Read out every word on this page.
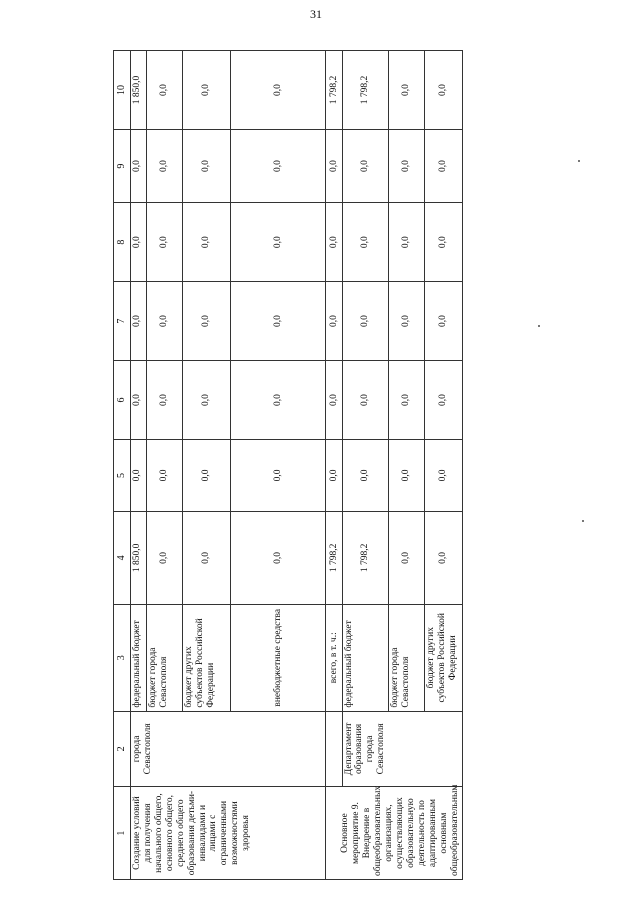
31
1	2	3	4	5	6	7	8	9	10
Создание условий для получения начального общего, основного общего, среднего общего образования детьми-инвалидами и лицами с ограниченными возможностями здоровья	города Севастополя	федеральный бюджет	1 850,0	0,0	0,0	0,0	0,0	0,0	1 850,0
		бюджет города Севастополя	0,0	0,0	0,0	0,0	0,0	0,0	0,0
		бюджет других субъектов Российской Федерации	0,0	0,0	0,0	0,0	0,0	0,0	0,0
		внебюджетные средства	0,0	0,0	0,0	0,0	0,0	0,0	0,0
Основное мероприятие 9. Внедрение в общеобразовательных организациях, осуществляющих образовательную деятельность по адаптированным основным общеобразовательным		всего, в т. ч.:	1 798,2	0,0	0,0	0,0	0,0	0,0	1 798,2
	Департамент образования города Севастополя	федеральный бюджет	1 798,2	0,0	0,0	0,0	0,0	0,0	1 798,2
		бюджет города Севастополя	0,0	0,0	0,0	0,0	0,0	0,0	0,0
		бюджет других субъектов Российской Федерации	0,0	0,0	0,0	0,0	0,0	0,0	0,0
